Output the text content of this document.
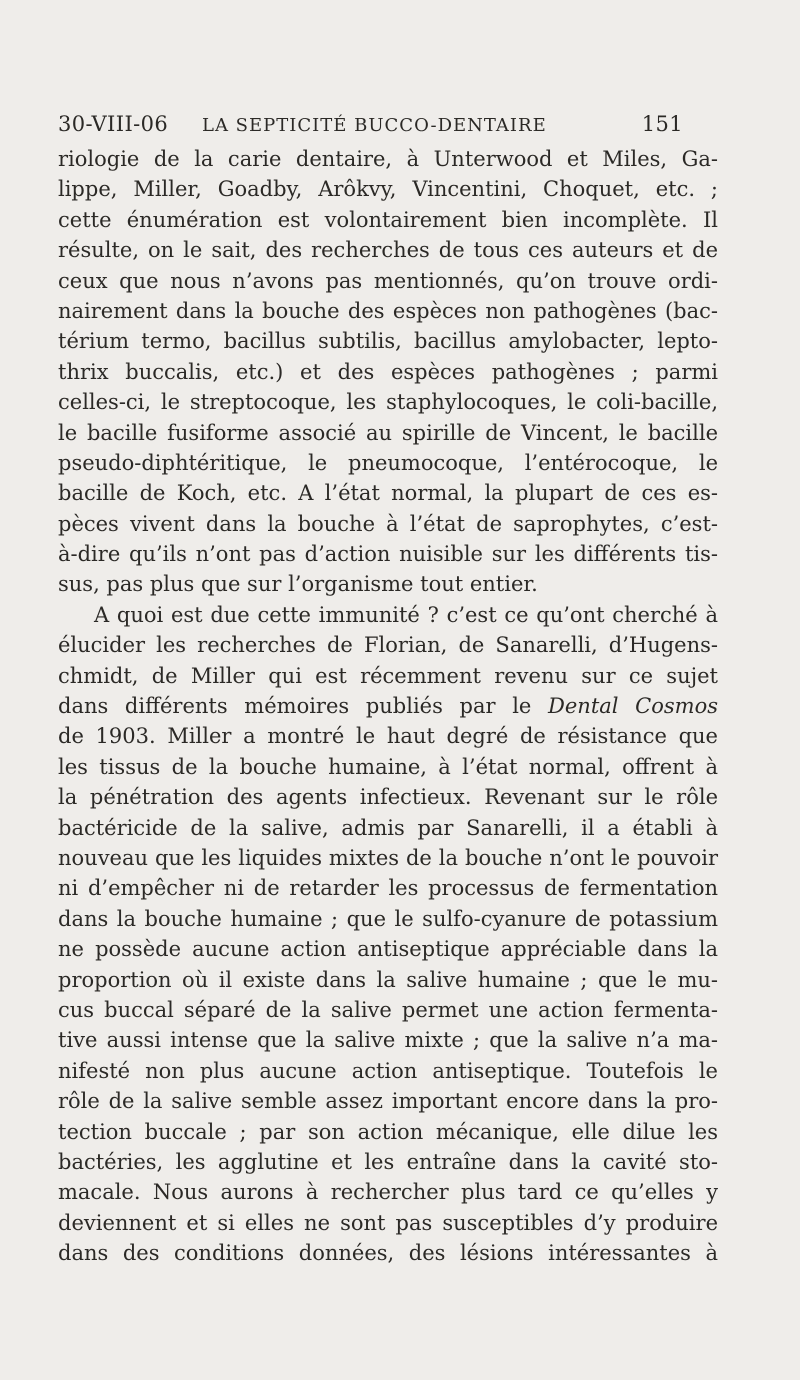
30-VIII-06 LA SEPTICITÉ BUCCO-DENTAIRE	151
riologie de la carie dentaire, à Unterwood et Miles, Ga-
lippe, Miller, Goadby, Arôkvy, Vincentini, Choquet, etc. ;
cette énumération est volontairement bien incomplète. Il
résulte, on le sait, des recherches de tous ces auteurs et de
ceux que nous n’avons pas mentionnés, qu’on trouve ordi-
nairement dans la bouche des espèces non pathogènes (bac-
térium termo, bacillus subtilis, bacillus amylobacter, lepto-
thrix buccalis, etc.) et des espèces pathogènes ; parmi
celles-ci, le streptocoque, les staphylocoques, le coli-bacille,
le bacille fusiforme associé au spirille de Vincent, le bacille
pseudo-diphtéritique, le pneumocoque, l’entérocoque, le
bacille de Koch, etc. A l’état normal, la plupart de ces es-
pèces vivent dans la bouche à l’état de saprophytes, c’est-
à-dire qu’ils n’ont pas d’action nuisible sur les différents tis-
sus, pas plus que sur l’organisme tout entier.
A quoi est due cette immunité ? c’est ce qu’ont cherché à
élucider les recherches de Florian, de Sanarelli, d’Hugens-
chmidt, de Miller qui est récemment revenu sur ce sujet
dans différents mémoires publiés par le Dental Cosmos
de 1903. Miller a montré le haut degré de résistance que
les tissus de la bouche humaine, à l’état normal, offrent à
la pénétration des agents infectieux. Revenant sur le rôle
bactéricide de la salive, admis par Sanarelli, il a établi à
nouveau que les liquides mixtes de la bouche n’ont le pouvoir
ni d’empêcher ni de retarder les processus de fermentation
dans la bouche humaine ; que le sulfo-cyanure de potassium
ne possède aucune action antiseptique appréciable dans la
proportion où il existe dans la salive humaine ; que le mu-
cus buccal séparé de la salive permet une action fermenta-
tive aussi intense que la salive mixte ; que la salive n’a ma-
nifesté non plus aucune action antiseptique. Toutefois le
rôle de la salive semble assez important encore dans la pro-
tection buccale ; par son action mécanique, elle dilue les
bactéries, les agglutine et les entraîne dans la cavité sto-
macale. Nous aurons à rechercher plus tard ce qu’elles y
deviennent et si elles ne sont pas susceptibles d’y produire
dans des conditions données, des lésions intéressantes à
